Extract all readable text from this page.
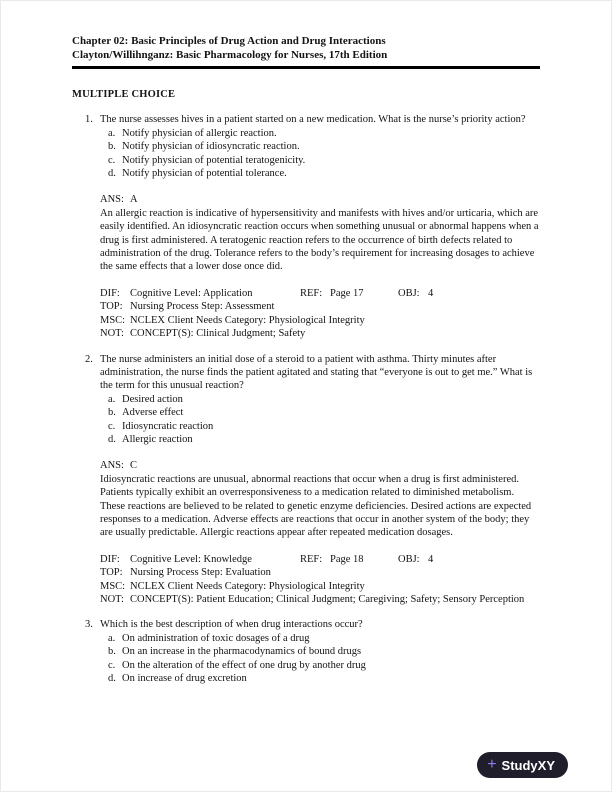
Chapter 02: Basic Principles of Drug Action and Drug Interactions
Clayton/Willihnganz: Basic Pharmacology for Nurses, 17th Edition
MULTIPLE CHOICE
1. The nurse assesses hives in a patient started on a new medication. What is the nurse’s priority action?
a. Notify physician of allergic reaction.
b. Notify physician of idiosyncratic reaction.
c. Notify physician of potential teratogenicity.
d. Notify physician of potential tolerance.
ANS: A
An allergic reaction is indicative of hypersensitivity and manifests with hives and/or urticaria, which are easily identified. An idiosyncratic reaction occurs when something unusual or abnormal happens when a drug is first administered. A teratogenic reaction refers to the occurrence of birth defects related to administration of the drug. Tolerance refers to the body’s requirement for increasing dosages to achieve the same effects that a lower dose once did.
DIF: Cognitive Level: Application	REF: Page 17	OBJ: 4
TOP: Nursing Process Step: Assessment
MSC: NCLEX Client Needs Category: Physiological Integrity
NOT: CONCEPT(S): Clinical Judgment; Safety
2. The nurse administers an initial dose of a steroid to a patient with asthma. Thirty minutes after administration, the nurse finds the patient agitated and stating that “everyone is out to get me.” What is the term for this unusual reaction?
a. Desired action
b. Adverse effect
c. Idiosyncratic reaction
d. Allergic reaction
ANS: C
Idiosyncratic reactions are unusual, abnormal reactions that occur when a drug is first administered. Patients typically exhibit an overresponsiveness to a medication related to diminished metabolism. These reactions are believed to be related to genetic enzyme deficiencies. Desired actions are expected responses to a medication. Adverse effects are reactions that occur in another system of the body; they are usually predictable. Allergic reactions appear after repeated medication dosages.
DIF: Cognitive Level: Knowledge	REF: Page 18	OBJ: 4
TOP: Nursing Process Step: Evaluation
MSC: NCLEX Client Needs Category: Physiological Integrity
NOT: CONCEPT(S): Patient Education; Clinical Judgment; Caregiving; Safety; Sensory Perception
3. Which is the best description of when drug interactions occur?
a. On administration of toxic dosages of a drug
b. On an increase in the pharmacodynamics of bound drugs
c. On the alteration of the effect of one drug by another drug
d. On increase of drug excretion
+ StudyXY
